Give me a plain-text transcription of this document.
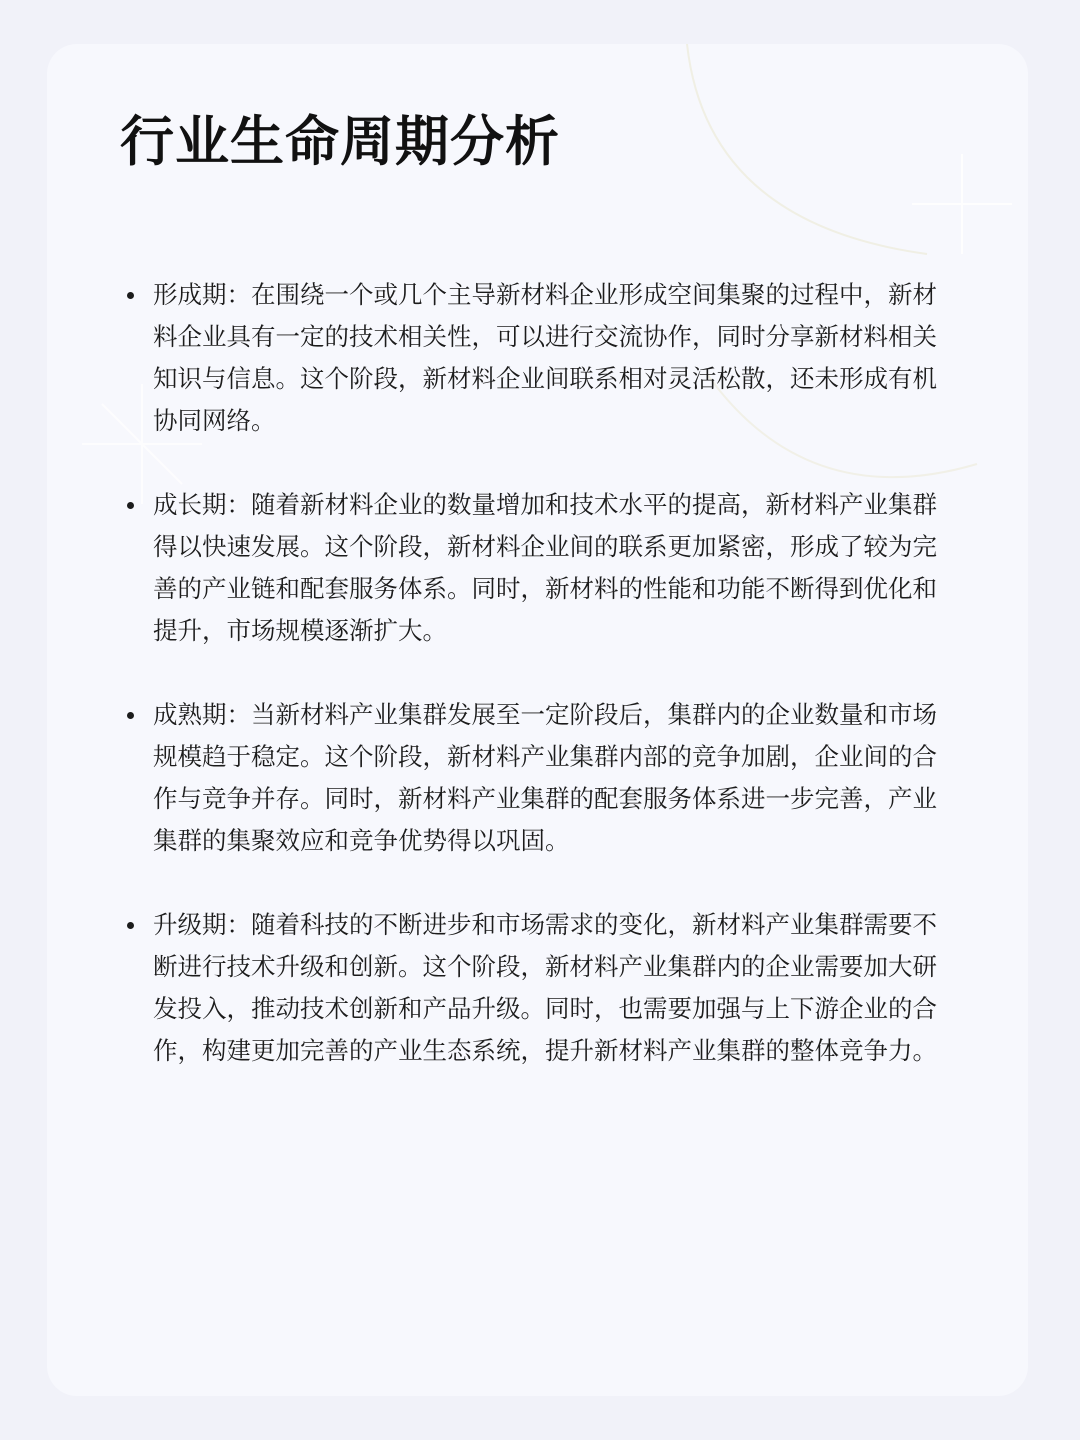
行业生命周期分析
形成期：在围绕一个或几个主导新材料企业形成空间集聚的过程中，新材料企业具有一定的技术相关性，可以进行交流协作，同时分享新材料相关知识与信息。这个阶段，新材料企业间联系相对灵活松散，还未形成有机协同网络。
成长期：随着新材料企业的数量增加和技术水平的提高，新材料产业集群得以快速发展。这个阶段，新材料企业间的联系更加紧密，形成了较为完善的产业链和配套服务体系。同时，新材料的性能和功能不断得到优化和提升，市场规模逐渐扩大。
成熟期：当新材料产业集群发展至一定阶段后，集群内的企业数量和市场规模趋于稳定。这个阶段，新材料产业集群内部的竞争加剧，企业间的合作与竞争并存。同时，新材料产业集群的配套服务体系进一步完善，产业集群的集聚效应和竞争优势得以巩固。
升级期：随着科技的不断进步和市场需求的变化，新材料产业集群需要不断进行技术升级和创新。这个阶段，新材料产业集群内的企业需要加大研发投入，推动技术创新和产品升级。同时，也需要加强与上下游企业的合作，构建更加完善的产业生态系统，提升新材料产业集群的整体竞争力。
